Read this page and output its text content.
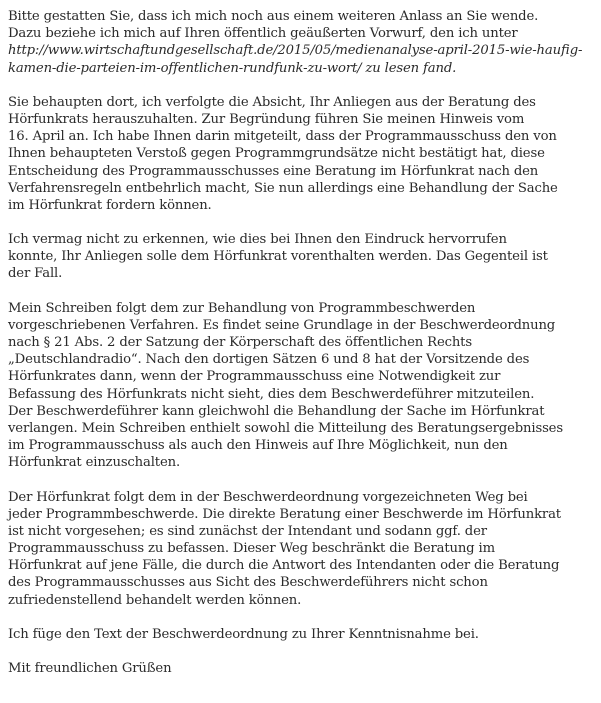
Bitte gestatten Sie, dass ich mich noch aus einem weiteren Anlass an Sie wende.
Dazu beziehe ich mich auf Ihren öffentlich geäußerten Vorwurf, den ich unter
http://www.wirtschaftundgesellschaft.de/2015/05/medienanalyse-april-2015-wie-haufig-
kamen-die-parteien-im-offentlichen-rundfunk-zu-wort/ zu lesen fand.
Sie behaupten dort, ich verfolgte die Absicht, Ihr Anliegen aus der Beratung des
Hörfunkrats herauszuhalten. Zur Begründung führen Sie meinen Hinweis vom
16. April an. Ich habe Ihnen darin mitgeteilt, dass der Programmausschuss den von
Ihnen behaupteten Verstoß gegen Programmgrundsätze nicht bestätigt hat, diese
Entscheidung des Programmausschusses eine Beratung im Hörfunkrat nach den
Verfahrensregeln entbehrlich macht, Sie nun allerdings eine Behandlung der Sache
im Hörfunkrat fordern können.
Ich vermag nicht zu erkennen, wie dies bei Ihnen den Eindruck hervorrufen
konnte, Ihr Anliegen solle dem Hörfunkrat vorenthalten werden. Das Gegenteil ist
der Fall.
Mein Schreiben folgt dem zur Behandlung von Programmbeschwerden
vorgeschriebenen Verfahren. Es findet seine Grundlage in der Beschwerdeordnung
nach § 21 Abs. 2 der Satzung der Körperschaft des öffentlichen Rechts
„Deutschlandradio“. Nach den dortigen Sätzen 6 und 8 hat der Vorsitzende des
Hörfunkrates dann, wenn der Programmausschuss eine Notwendigkeit zur
Befassung des Hörfunkrats nicht sieht, dies dem Beschwerdeführer mitzuteilen.
Der Beschwerdeführer kann gleichwohl die Behandlung der Sache im Hörfunkrat
verlangen. Mein Schreiben enthielt sowohl die Mitteilung des Beratungsergebnisses
im Programmausschuss als auch den Hinweis auf Ihre Möglichkeit, nun den
Hörfunkrat einzuschalten.
Der Hörfunkrat folgt dem in der Beschwerdeordnung vorgezeichneten Weg bei
jeder Programmbeschwerde. Die direkte Beratung einer Beschwerde im Hörfunkrat
ist nicht vorgesehen; es sind zunächst der Intendant und sodann ggf. der
Programmausschuss zu befassen. Dieser Weg beschränkt die Beratung im
Hörfunkrat auf jene Fälle, die durch die Antwort des Intendanten oder die Beratung
des Programmausschusses aus Sicht des Beschwerdeführers nicht schon
zufriedenstellend behandelt werden können.
Ich füge den Text der Beschwerdeordnung zu Ihrer Kenntnisnahme bei.
Mit freundlichen Grüßen
